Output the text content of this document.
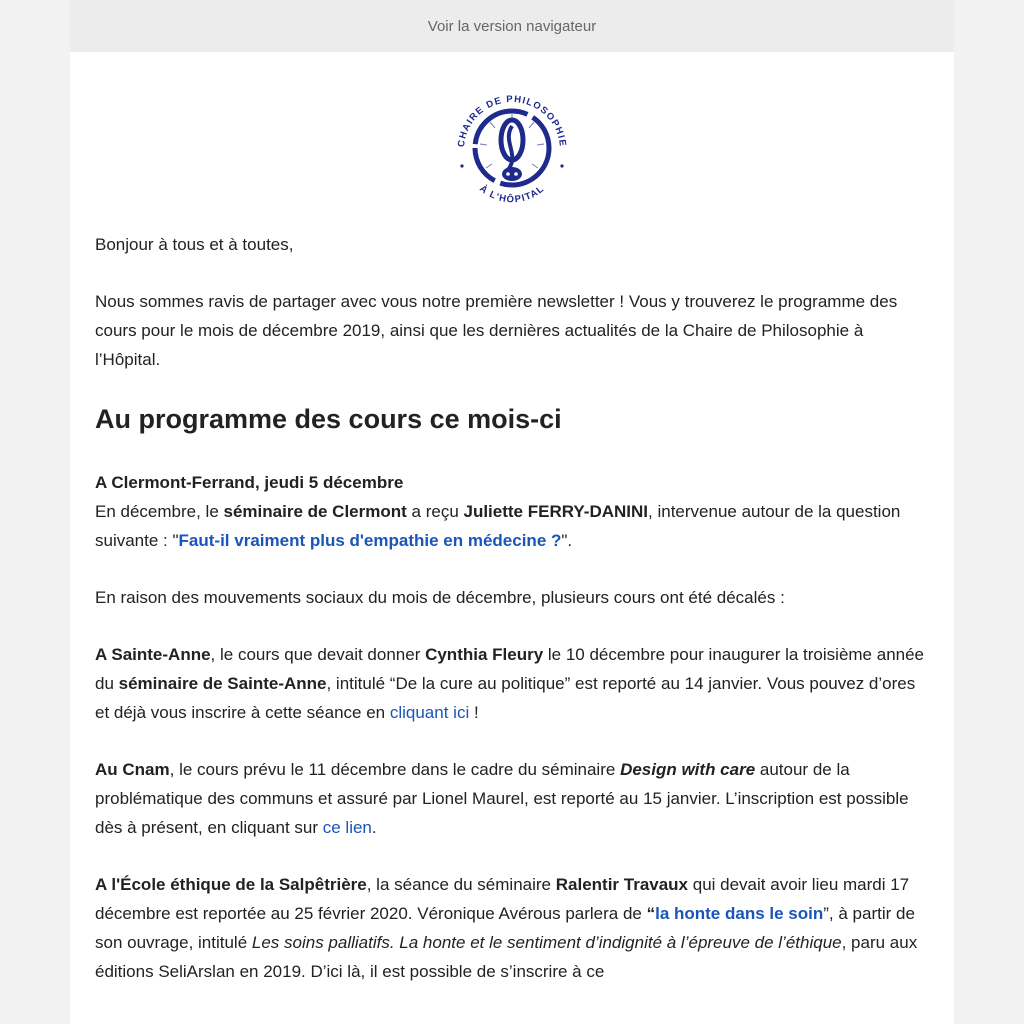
Voir la version navigateur
CHAIRE DE PHILOSOPHIE
À L'HÔPITAL

Bonjour à tous et à toutes,

Nous sommes ravis de partager avec vous notre première newsletter ! Vous y trouverez le programme des cours pour le mois de décembre 2019, ainsi que les dernières actualités de la Chaire de Philosophie à l’Hôpital.

Au programme des cours ce mois-ci

A Clermont-Ferrand, jeudi 5 décembre
En décembre, le séminaire de Clermont a reçu Juliette FERRY-DANINI, intervenue autour de la question suivante : "Faut-il vraiment plus d'empathie en médecine ?".

En raison des mouvements sociaux du mois de décembre, plusieurs cours ont été décalés :

A Sainte-Anne, le cours que devait donner Cynthia Fleury le 10 décembre pour inaugurer la troisième année du séminaire de Sainte-Anne, intitulé “De la cure au politique” est reporté au 14 janvier. Vous pouvez d’ores et déjà vous inscrire à cette séance en cliquant ici !

Au Cnam, le cours prévu le 11 décembre dans le cadre du séminaire Design with care autour de la problématique des communs et assuré par Lionel Maurel, est reporté au 15 janvier. L’inscription est possible dès à présent, en cliquant sur ce lien.

A l'École éthique de la Salpêtrière, la séance du séminaire Ralentir Travaux qui devait avoir lieu mardi 17 décembre est reportée au 25 février 2020. Véronique Avérous parlera de “la honte dans le soin”, à partir de son ouvrage, intitulé Les soins palliatifs. La honte et le sentiment d’indignité à l’épreuve de l’éthique, paru aux éditions SeliArslan en 2019. D’ici là, il est possible de s’inscrire à ce
